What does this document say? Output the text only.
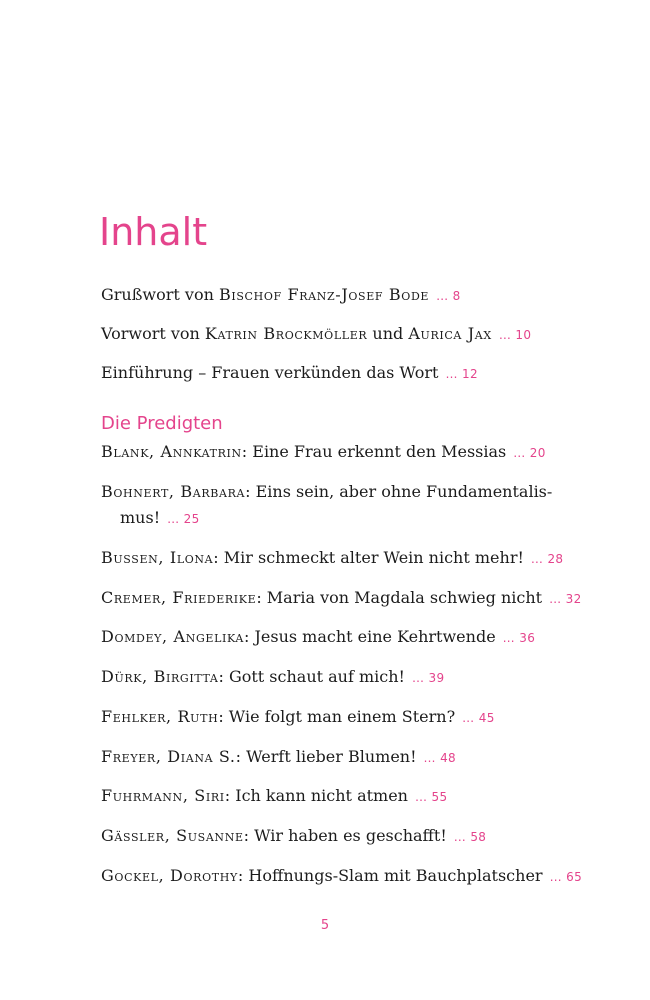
Inhalt
Grußwort von Bischof Franz-Josef Bode … 8
Vorwort von Katrin Brockmöller und Aurica Jax … 10
Einführung – Frauen verkünden das Wort … 12
Die Predigten
Blank, Annkatrin: Eine Frau erkennt den Messias … 20
Bohnert, Barbara: Eins sein, aber ohne Fundamentalis-
mus! … 25
Bussen, Ilona: Mir schmeckt alter Wein nicht mehr! … 28
Cremer, Friederike: Maria von Magdala schwieg nicht … 32
Domdey, Angelika: Jesus macht eine Kehrtwende … 36
Dürk, Birgitta: Gott schaut auf mich! … 39
Fehlker, Ruth: Wie folgt man einem Stern? … 45
Freyer, Diana S.: Werft lieber Blumen! … 48
Fuhrmann, Siri: Ich kann nicht atmen … 55
Gässler, Susanne: Wir haben es geschafft! … 58
Gockel, Dorothy: Hoffnungs-Slam mit Bauchplatscher … 65
5
